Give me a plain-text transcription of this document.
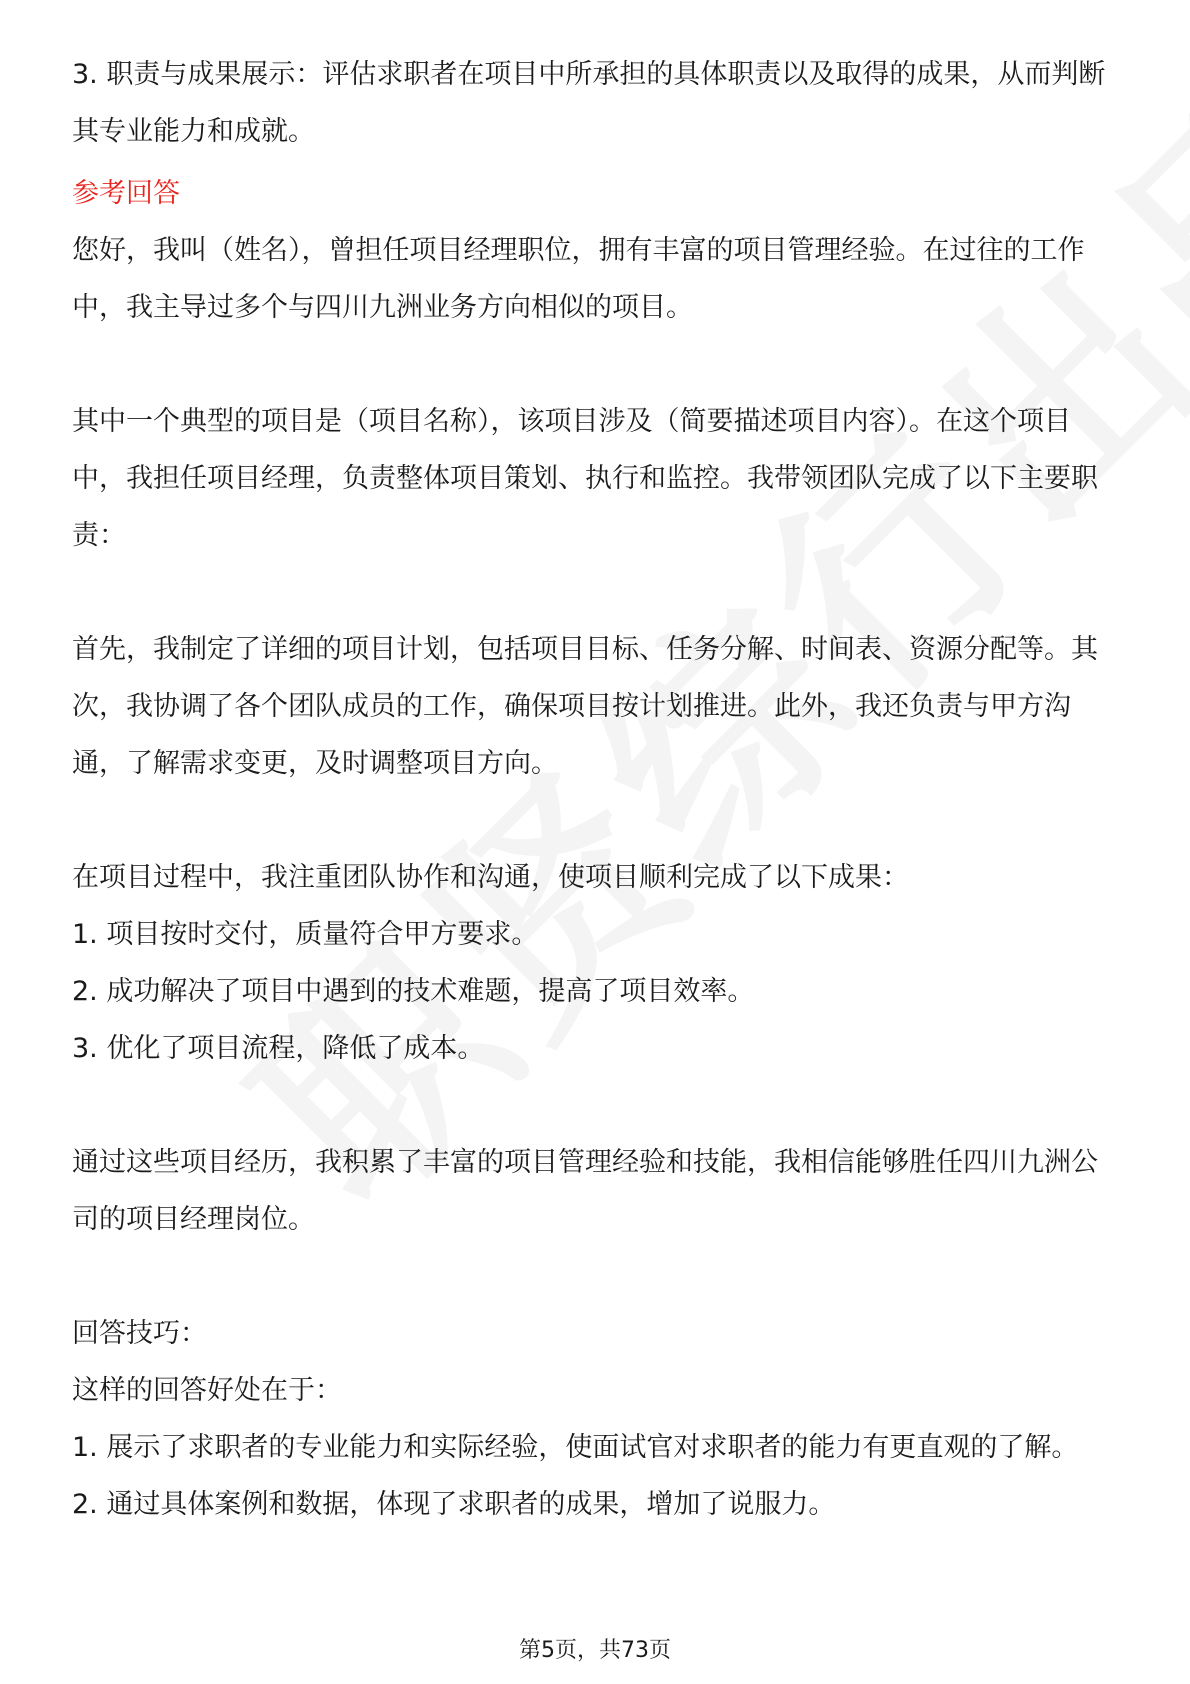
3. 职责与成果展示：评估求职者在项目中所承担的具体职责以及取得的成果，从而判断其专业能力和成就。

参考回答

您好，我叫（姓名），曾担任项目经理职位，拥有丰富的项目管理经验。在过往的工作中，我主导过多个与四川九洲业务方向相似的项目。

其中一个典型的项目是（项目名称），该项目涉及（简要描述项目内容）。在这个项目中，我担任项目经理，负责整体项目策划、执行和监控。我带领团队完成了以下主要职责：

首先，我制定了详细的项目计划，包括项目目标、任务分解、时间表、资源分配等。其次，我协调了各个团队成员的工作，确保项目按计划推进。此外，我还负责与甲方沟通，了解需求变更，及时调整项目方向。

在项目过程中，我注重团队协作和沟通，使项目顺利完成了以下成果：

1. 项目按时交付，质量符合甲方要求。

2. 成功解决了项目中遇到的技术难题，提高了项目效率。

3. 优化了项目流程，降低了成本。

通过这些项目经历，我积累了丰富的项目管理经验和技能，我相信能够胜任四川九洲公司的项目经理岗位。

回答技巧：

这样的回答好处在于：

1. 展示了求职者的专业能力和实际经验，使面试官对求职者的能力有更直观的了解。

2. 通过具体案例和数据，体现了求职者的成果，增加了说服力。

第5页，共73页
